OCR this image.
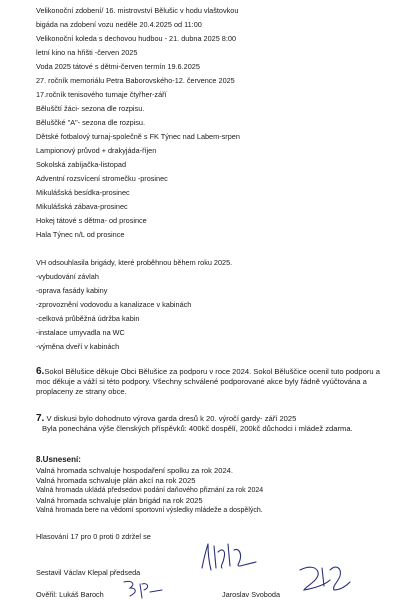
Velikonoční zdobení/ 16. mistrovství Bělušic v hodu vlaštovkou
bigáda na zdobení vozu neděle 20.4.2025 od 11:00
Velikonoční koleda s dechovou hudbou - 21. dubna 2025 8:00
letní kino na hřišti -červen 2025
Voda 2025 tátové s dětmi-červen termín 19.6.2025
27. ročník memoriálu Petra Baborovského-12. července 2025
17.ročník tenisového turnaje čtyřher-září
Běluščtí žáci- sezona dle rozpisu.
Běluščké "A"- sezona dle rozpisu.
Dětské fotbalový turnaj-společně s FK Týnec nad Labem-srpen
Lampionový průvod + drakyjáda-říjen
Sokolská zabíjačka-listopad
Adventní rozsvícení stromečku -prosinec
Mikulášská besídka-prosinec
Mikulášská zábava-prosinec
Hokej tátové s dětma- od prosince
Hala Týnec n/L od prosince
VH odsouhlasila brigády, které proběhnou během roku 2025.
-vybudování závlah
-oprava fasády kabiny
-zprovoznění vodovodu a kanalizace v kabinách
-celková průběžná údržba kabin
-instalace umyvadla na WC
-výměna dveří v kabinách
6.Sokol Bělušice děkuje Obci Bělušice za podporu v roce 2024. Sokol Běluščice ocenil tuto podporu a moc děkuje a váží si této podpory. Všechny schválené podporované akce byly řádně vyúčtována a proplaceny ze strany obce.
7. V diskusi bylo dohodnuto výrova garda dresů k 20. výročí gardy- září 2025
Byla ponechána výše členských příspěvků: 400kč dospělí, 200kč důchodci i mládež zdarma.
8.Usnesení:
Valná hromada schvaluje hospodaření spolku za rok 2024.
Valná hromada schvaluje plán akcí na rok 2025
Valná hromada ukládá předsedovi podání daňového přiznání za rok 2024
Valná hromada schvaluje plán brigád na rok 2025
Valná hromada bere na vědomí sportovní výsledky mládeže a dospělých.
Hlasování 17 pro 0 proti 0 zdržel se
Sestavil Václav Klepal předseda
Ověřil: Lukáš Baroch	Jaroslav Svoboda
